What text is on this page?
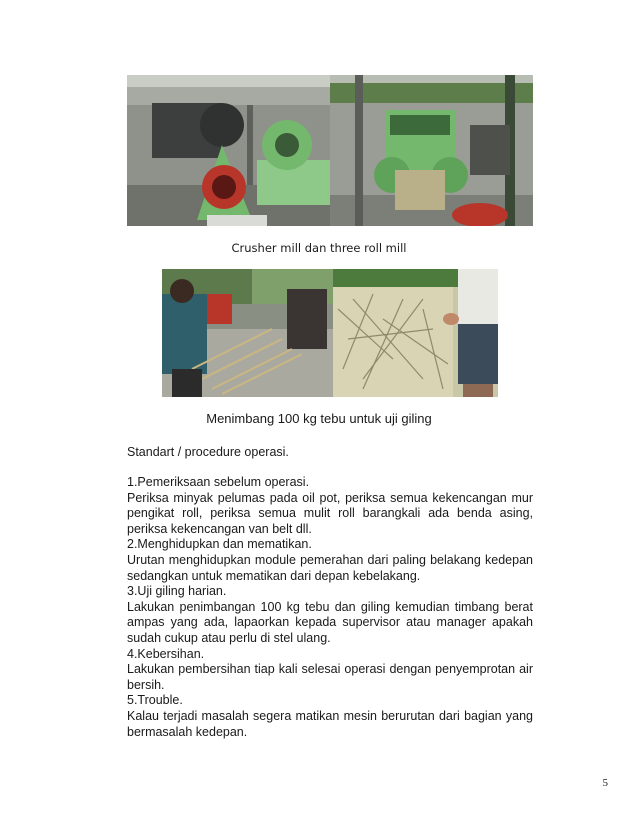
Crusher mill dan three roll mill
Menimbang 100 kg tebu untuk uji giling
Standart / procedure operasi.

1.Pemeriksaan sebelum operasi.

Periksa minyak pelumas pada oil pot, periksa semua kekencangan mur pengikat roll, periksa semua mulit roll barangkali ada benda asing, periksa kekencangan van belt dll.

2.Menghidupkan dan mematikan.

Urutan menghidupkan module pemerahan dari paling belakang kedepan sedangkan untuk mematikan dari depan kebelakang.

3.Uji giling harian.

Lakukan penimbangan 100 kg tebu dan giling kemudian timbang berat ampas yang ada, lapaorkan kepada supervisor atau manager apakah sudah cukup atau perlu di stel ulang.

4.Kebersihan.

Lakukan pembersihan tiap kali selesai operasi dengan penyemprotan air bersih.

5.Trouble.

Kalau terjadi masalah segera matikan mesin berurutan dari bagian yang bermasalah kedepan.

5
